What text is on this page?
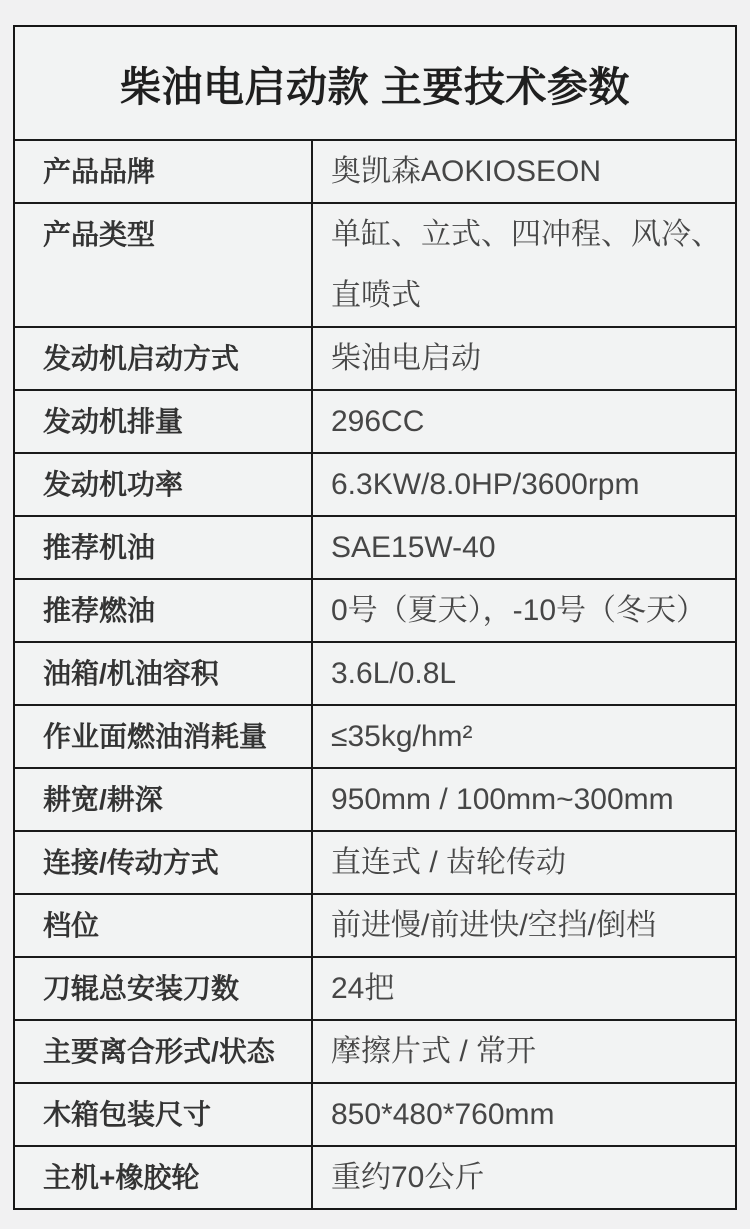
柴油电启动款 主要技术参数
产品品牌	奥凯森AOKIOSEON
产品类型	单缸、立式、四冲程、风冷、直喷式
发动机启动方式	柴油电启动
发动机排量	296CC
发动机功率	6.3KW/8.0HP/3600rpm
推荐机油	SAE15W-40
推荐燃油	0号（夏天），-10号（冬天）
油箱/机油容积	3.6L/0.8L
作业面燃油消耗量	≤35kg/hm²
耕宽/耕深	950mm / 100mm~300mm
连接/传动方式	直连式 / 齿轮传动
档位	前进慢/前进快/空挡/倒档
刀辊总安装刀数	24把
主要离合形式/状态	摩擦片式 / 常开
木箱包装尺寸	850*480*760mm
主机+橡胶轮	重约70公斤
